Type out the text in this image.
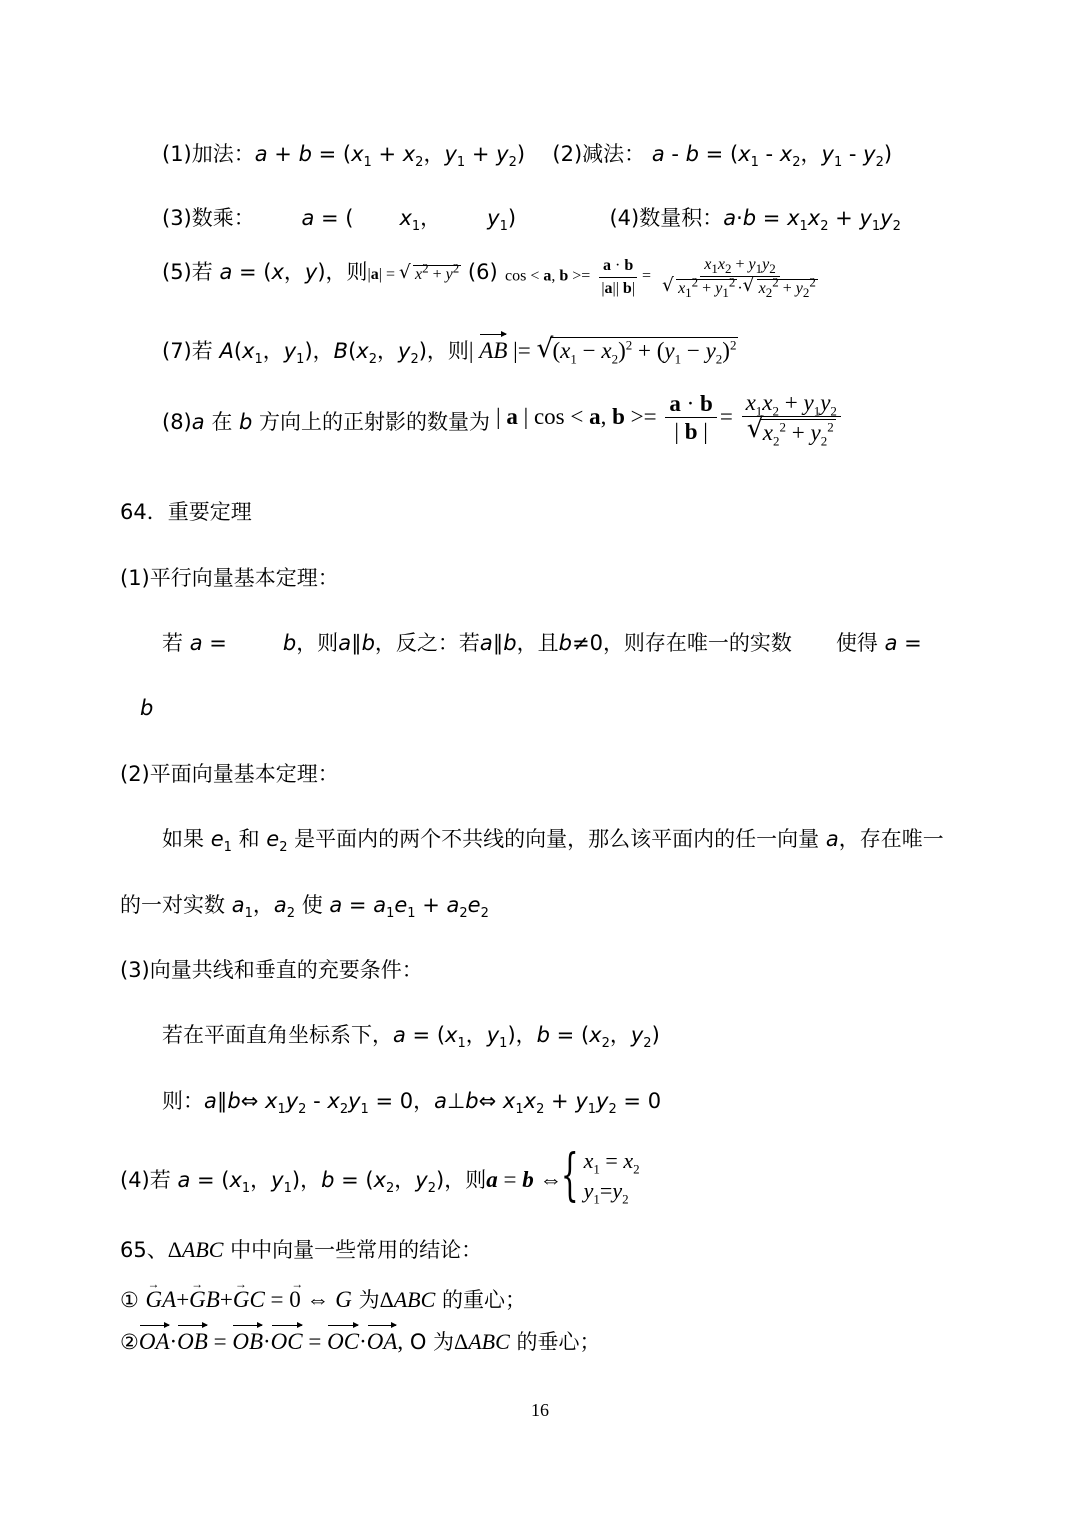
(1)加法：$a + b = (x_1 + x_2$，$y_1 + y_2$)  (2)减法： $a - b = (x_1 - x_2$，$y_1 - y_2$)
(3)数乘： a = ( $x_1$， $y_1$)	(4)数量积：$a\cdot b = x_1x_2 + y_1y_2$
(5)若 a = (x，y)，则|a| = √ $x^2 + y^2$ (6) cos < a, $b >= \frac{a \cdot b}{|a|| b|} = x_1x_2 + y_1y_2$
√ $x_1^2 + y_1^2$ · √ $x_2^2 + y_2^2$
(7)若 $A(x_1$，$y_1$)，$B(x_2$，$y_2$)，则| AB |= √ $(x_1 - x_2)^2 + (y_1 - y_2)^2$
(8)a 在 b 方向上的正射影的数量为 | a | cos < a, $b >= \frac{a \cdot b}{| b |} = x_1x_2 + y_1y_2$
√ $x_2^2 + y_2^2$
64．重要定理
(1)平行向量基本定理：
若 a =	b，则a∥b，反之：若a∥b，且b≠0，则存在唯一的实数 使得 a =
b
(2)平面向量基本定理：
如果 $e_1$ 和 $e_2$ 是平面内的两个不共线的向量，那么该平面内的任一向量 a，存在唯一
的一对实数 $a_1$，$a_2$ 使 $a = a_1e_1 + a_2e_2$
(3)向量共线和垂直的充要条件：
若在平面直角坐标系下，$a = (x_1$，$y_1$)，$b = (x_2$，$y_2$)
则：a∥b⇔ $x_1y_2 - x_2y_1 = 0$，a⊥b⇔ $x_1x_2 + y_1y_2 = 0$
(4)若 $a = (x_1$，$y_1$)，$b = (x_2$，$y_2$)，则a = b ⇔
{ $x_1 = x_2$
$y_1=y_2$
65、ΔABC 中中向量一些常用的结论：
① → GA+→ GB+→ GC = → 0 ⇔ G 为ΔABC 的重心；
②OA·OB = OB·OC = OC·OA, O 为ΔABC 的垂心；
16
